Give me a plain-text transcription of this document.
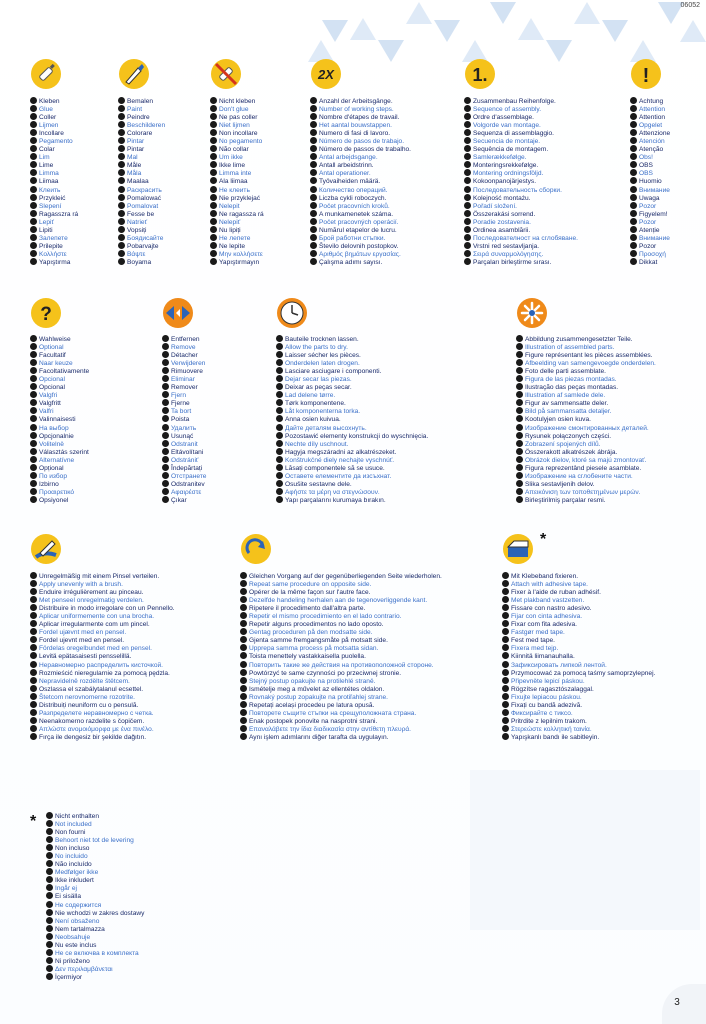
06052
Kleben
Glue
Coller
Lijmen
Incollare
Pegamento
Colar
Lim
Lime
Limma
Liimaa
Клеить
Przykleić
Slepení
Ragasszra rá
Lepiť
Lipiti
Залепете
Prilepite
Κολλήστε
Yapıştırma
Bemalen
Paint
Peindre
Beschilderen
Colorare
Pintar
Pintar
Mal
Måle
Måla
Maalaa
Раскрасить
Pomalować
Pomalovat
Fesse be
Natrieť
Vopsiți
Боядисайте
Pobarvajte
Βάψτε
Boyama
Nicht kleben
Don't glue
Ne pas coller
Niet lijmen
Non incollare
No pegamento
Não collar
Um ikke
Ikke lime
Limma inte
Ala liimaa
Не клеить
Nie przyklejać
Nelepit
Ne ragassza rá
Nelepiť
Nu lipiți
Не лепете
Ne lepite
Μην κολλήσετε
Yapıştırmayın
2X
Anzahl der Arbeitsgänge.
Number of working steps.
Nombre d'étapes de travail.
Het aantal bouwstappen.
Numero di fasi di lavoro.
Número de pasos de trabajo.
Número de passos de trabalho.
Antal arbejdsgange.
Antall arbeidstrinn.
Antal operationer.
Työvaiheiden määrä.
Количество операций.
Liczba cykli roboczych.
Počet pracovních kroků.
A munkamenetek száma.
Počet pracovných operácií.
Numărul etapelor de lucru.
Брой работни стъпки.
Število delovnih postopkov.
Αριθμός βημάτων εργασίας.
Çalışma adımı sayısı.
1.
Zusammenbau Reihenfolge.
Sequence of assembly.
Ordre d'assemblage.
Volgorde van montage.
Sequenza di assemblaggio.
Secuencia de montaje.
Sequência de montagem.
Samlerækkefølge.
Monteringsrekkefølge.
Montering ordningsföljd.
Kokoonpanojärjestys.
Последовательность сборки.
Kolejność montażu.
Pořadí složení.
Összerakási sorrend.
Poradie zostavenia.
Ordinea asamblării.
Последователност на сглобяване.
Vrstni red sestavljanja.
Σειρά συναρμολόγησης.
Parçaları birleştirme sırası.
!
Achtung
Attention
Attention
Opgelet
Attenzione
Atención
Atenção
Obs!
OBS
OBS
Huomio
Внимание
Uwaga
Pozor
Figyelem!
Pozor
Atenție
Внимание
Pozor
Προσοχή
Dikkat
?
Wahlweise
Optional
Facultatif
Naar keuze
Facoltativamente
Opcional
Opcional
Valgfri
Valgfritt
Valfri
Valinnaisesti
На выбор
Opcjonalnie
Volitelně
Választás szerint
Alternatívne
Opțional
По избор
Izbirno
Προαιρετικό
Opsiyonel
Entfernen
Remove
Détacher
Verwijderen
Rimuovere
Eliminar
Remover
Fjern
Fjerne
Ta bort
Poista
Удалить
Usunąć
Odstranit
Eltávolítani
Odstrániť
Îndepărtați
Отстранете
Odstranitev
Αφαιρέστε
Çıkar
Bauteile trocknen lassen.
Allow the parts to dry.
Laisser sécher les pièces.
Onderdelen laten drogen.
Lasciare asciugare i componenti.
Dejar secar las piezas.
Deixar as peças secar.
Lad delene tørre.
Tørk komponentene.
Låt komponenterna torka.
Anna osien kuivua.
Дайте деталям высохнуть.
Pozostawić elementy konstrukcji do wyschnięcia.
Nechte díly uschnout.
Hagyja megszáradni az alkatrészeket.
Konštrukčné diely nechajte vyschnúť.
Lăsați componentele să se usuce.
Оставете елементите да изсъхнат.
Osušite sestavne dele.
Αφήστε τα μέρη να στεγνώσουν.
Yapı parçalarını kurumaya bırakın.
Abbildung zusammengesetzter Teile.
Illustration of assembled parts.
Figure représentant les pièces assemblées.
Afbeelding van samengevoegde onderdelen.
Foto delle parti assemblate.
Figura de las piezas montadas.
Ilustração das peças montadas.
Illustration af samlede dele.
Figur av sammensatte deler.
Bild på sammansatta detaljer.
Kootulyjen osien kuva.
Изображение смонтированных деталей.
Rysunek połączonych części.
Zobrazení spojených dílů.
Összerakott alkatrészek ábrája.
Obrázok dielov, ktoré sa majú zmontovať.
Figura reprezentând piesele asamblate.
Изображение на сглобените части.
Slika sestavljenih delov.
Απεικόνιση των τοποθετημένων μερών.
Birleştirilmiş parçalar resmi.
Unregelmäßig mit einem Pinsel verteilen.
Apply unevenly with a brush.
Enduire irrégulièrement au pinceau.
Met penseel onregelmatig verdelen.
Distribuire in modo irregolare con un Pennello.
Aplicar uniformemente con una brocha.
Aplicar irregularmente com um pincel.
Fordel ujævnt med en pensel.
Fordel ujevnt med en pensel.
Fördelas oregelbundet med en pensel.
Levitä epätasaisesti pensselillä.
Неравномерно распределить кисточкой.
Rozmieścić nieregularnie za pomocą pędzla.
Nepravidelně rozdělte štětcem.
Oszlassa el szabálytalanul ecsettel.
Štetcom nerovnomerne rozotrite.
Distribuiți neuniform cu o pensulă.
Разпределете неравномерно с четка.
Neenakomerno razdelite s čopičem.
Απλώστε ανομοιόμορφα με ένα πινέλο.
Fırça ile dengesiz bir şekilde dağıtın.
Gleichen Vorgang auf der gegenüberliegenden Seite wiederholen.
Repeat same procedure on opposite side.
Opérer de la même façon sur l'autre face.
Dezelfde handeling herhalen aan de tegenoverliggende kant.
Ripetere il procedimento dall'altra parte.
Repetir el mismo procedimiento en el lado contrario.
Repetir alguns procedimentos no lado oposto.
Gentag proceduren på den modsatte side.
Gjenta samme fremgangsmåte på motsatt side.
Upprepa samma process på motsatta sidan.
Toista menettely vastakkaisella puolella.
Повторить такие же действия на противоположной стороне.
Powtórzyć te same czynności po przeciwnej stronie.
Stejný postup opakujte na protilehlé straně.
Ismételje meg a művelet az ellentétes oldalon.
Rovnaký postup zopakujte na protiľahlej strane.
Repetați același procedeu pe latura opusă.
Повторете същите стъпки на срещуположната страна.
Enak postopek ponovite na nasprotni strani.
Επαναλάβετε την ίδια διαδικασία στην αντίθετη πλευρά.
Aynı işlem adımlarını diğer tarafta da uygulayın.
*
Mit Klebeband fixieren.
Attach with adhesive tape.
Fixer à l'aide de ruban adhésif.
Met plakband vastzetten.
Fissare con nastro adesivo.
Fijar con cinta adhesiva.
Fixar com fita adesiva.
Fastgør med tape.
Fest med tape.
Fixera med tejp.
Kiinnitä liimanauhalla.
Зафиксировать липкой лентой.
Przymocować za pomocą taśmy samoprzylepnej.
Připevněte lepicí páskou.
Rögzítse ragasztószalaggal.
Fixujte lepiacou páskou.
Fixați cu bandă adezivă.
Фиксирайте с тиксо.
Pritrdite z lepilnim trakom.
Στερεώστε κολλητική ταινία.
Yapışkanlı bandı ile sabitleyin.
*	Nicht enthalten
Not included
Non fourni
Behoort niet tot de levering
Non incluso
No incluido
Não incluído
Medfølger ikke
Ikke inkludert
Ingår ej
Ei sisälla
Не содержится
Nie wchodzi w zakres dostawy
Není obsaženo
Nem tartalmazza
Neobsahuje
Nu este inclus
Не се включва в комплекта
Ni priloženo
Δεν περιλαμβάνεται
İçermiyor
3
